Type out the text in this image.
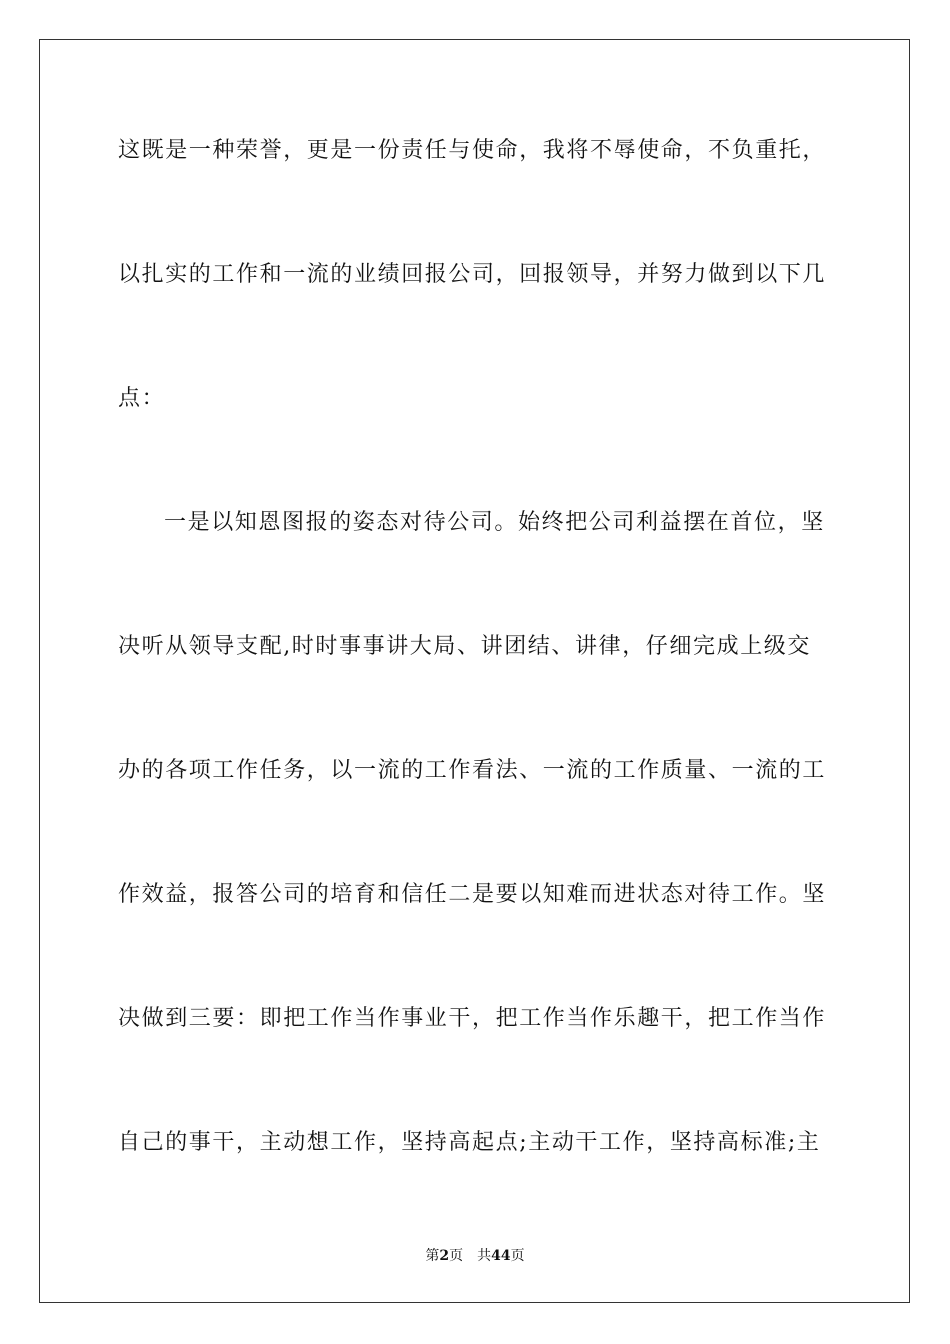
这既是一种荣誉，更是一份责任与使命，我将不辱使命，不负重托，
以扎实的工作和一流的业绩回报公司，回报领导，并努力做到以下几
点：
一是以知恩图报的姿态对待公司。始终把公司利益摆在首位，坚
决听从领导支配,时时事事讲大局、讲团结、讲律，仔细完成上级交
办的各项工作任务，以一流的工作看法、一流的工作质量、一流的工
作效益，报答公司的培育和信任二是要以知难而进状态对待工作。坚
决做到三要：即把工作当作事业干，把工作当作乐趣干，把工作当作
自己的事干，主动想工作，坚持高起点;主动干工作，坚持高标准;主
第2页 共44页
